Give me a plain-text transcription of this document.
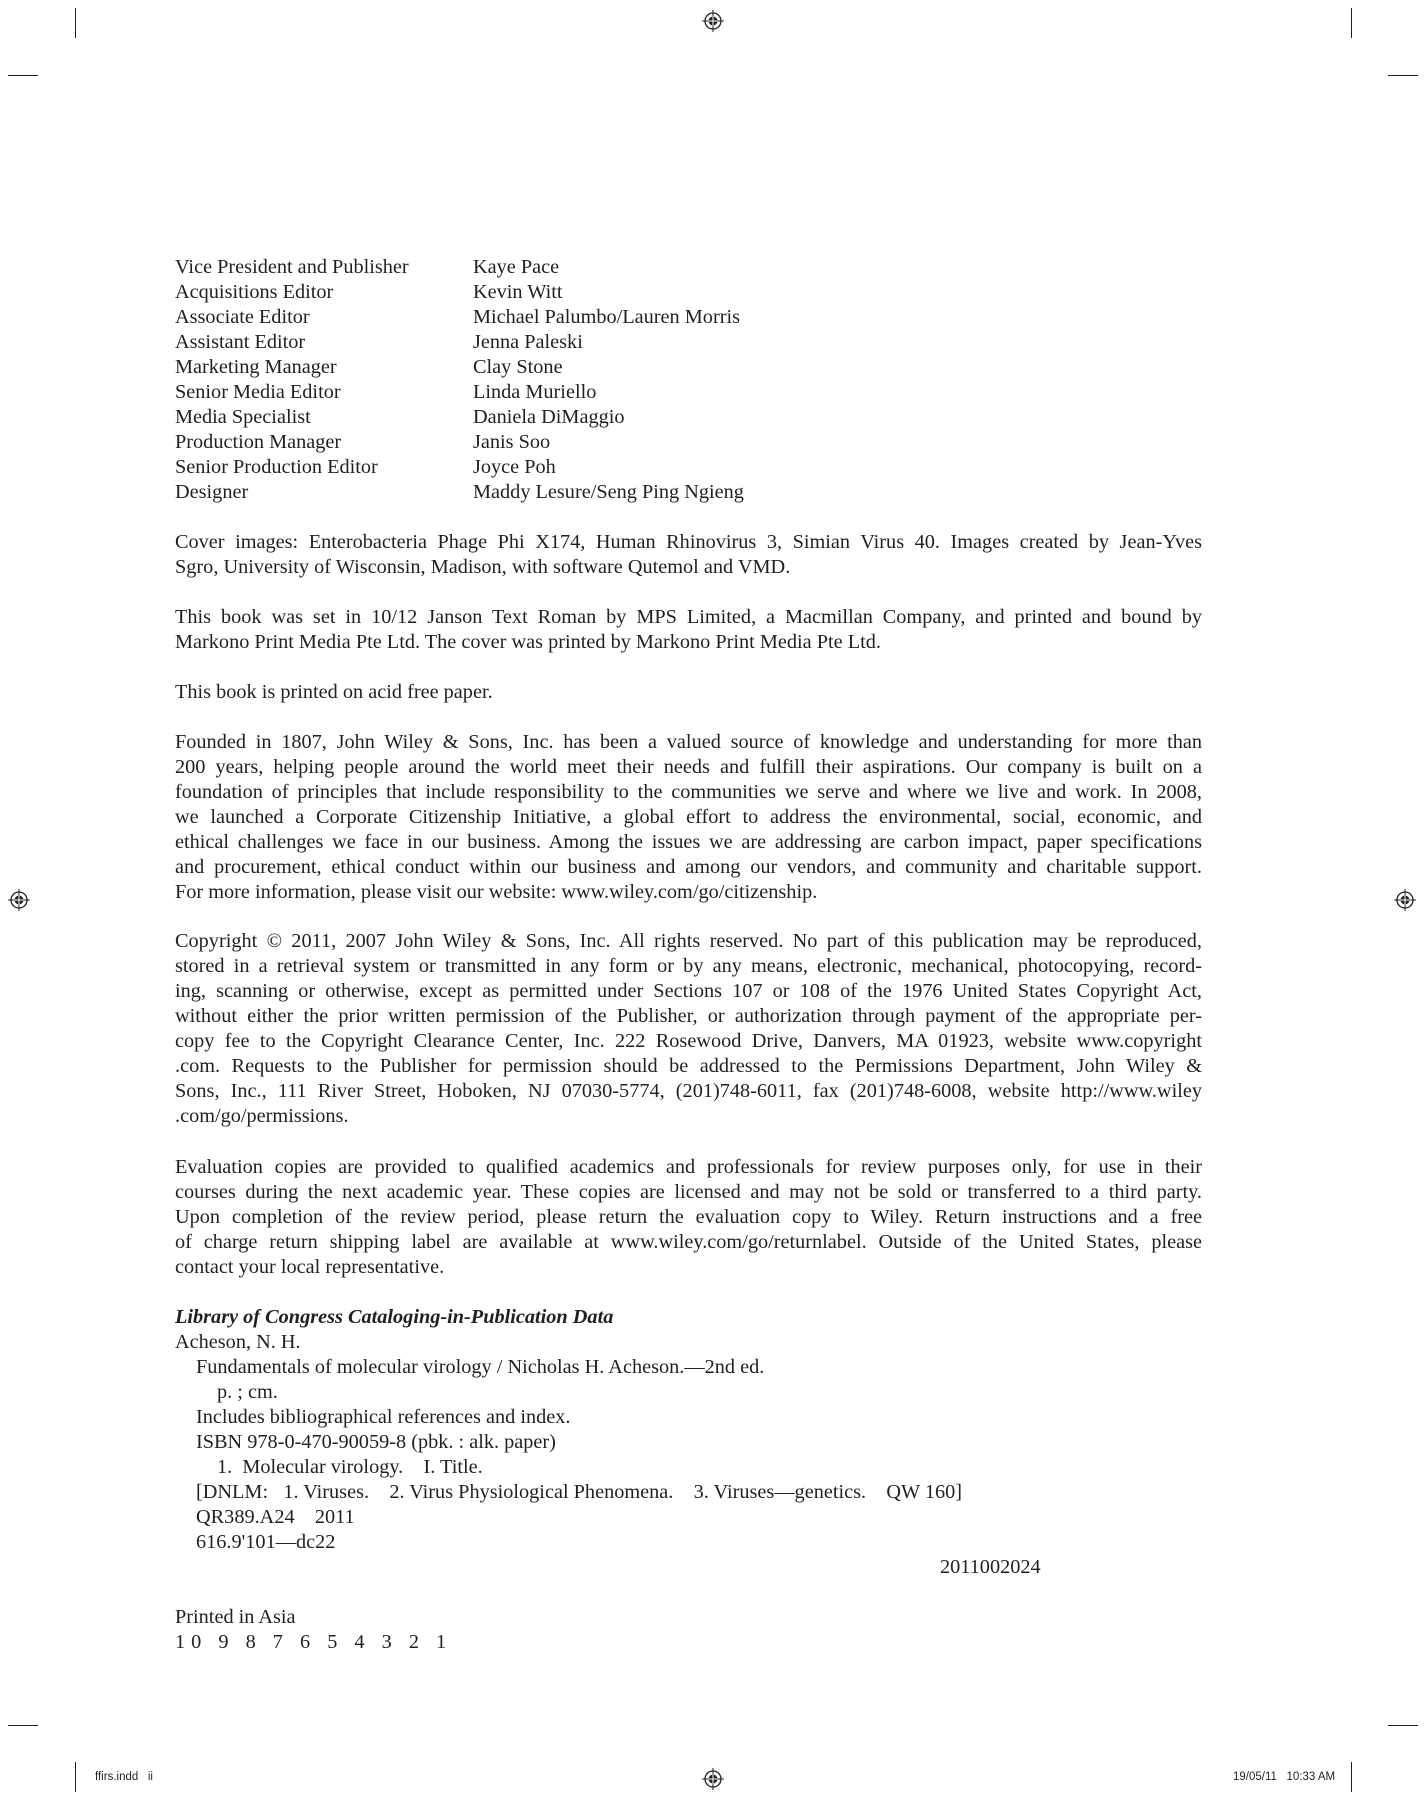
Vice President and Publisher	Kaye Pace
Acquisitions Editor	Kevin Witt
Associate Editor	Michael Palumbo/Lauren Morris
Assistant Editor	Jenna Paleski
Marketing Manager	Clay Stone
Senior Media Editor	Linda Muriello
Media Specialist	Daniela DiMaggio
Production Manager	Janis Soo
Senior Production Editor	Joyce Poh
Designer	Maddy Lesure/Seng Ping Ngieng
Cover images: Enterobacteria Phage Phi X174, Human Rhinovirus 3, Simian Virus 40. Images created by Jean-Yves
Sgro, University of Wisconsin, Madison, with software Qutemol and VMD.
This book was set in 10/12 Janson Text Roman by MPS Limited, a Macmillan Company, and printed and bound by
Markono Print Media Pte Ltd. The cover was printed by Markono Print Media Pte Ltd.
This book is printed on acid free paper.
Founded in 1807, John Wiley & Sons, Inc. has been a valued source of knowledge and understanding for more than
200 years, helping people around the world meet their needs and fulfill their aspirations. Our company is built on a
foundation of principles that include responsibility to the communities we serve and where we live and work. In 2008,
we launched a Corporate Citizenship Initiative, a global effort to address the environmental, social, economic, and
ethical challenges we face in our business. Among the issues we are addressing are carbon impact, paper specifications
and procurement, ethical conduct within our business and among our vendors, and community and charitable support.
For more information, please visit our website: www.wiley.com/go/citizenship.
Copyright © 2011, 2007 John Wiley & Sons, Inc. All rights reserved. No part of this publication may be reproduced,
stored in a retrieval system or transmitted in any form or by any means, electronic, mechanical, photocopying, record-
ing, scanning or otherwise, except as permitted under Sections 107 or 108 of the 1976 United States Copyright Act,
without either the prior written permission of the Publisher, or authorization through payment of the appropriate per-
copy fee to the Copyright Clearance Center, Inc. 222 Rosewood Drive, Danvers, MA 01923, website www.copyright
.com. Requests to the Publisher for permission should be addressed to the Permissions Department, John Wiley &
Sons, Inc., 111 River Street, Hoboken, NJ 07030-5774, (201)748-6011, fax (201)748-6008, website http://www.wiley
.com/go/permissions.
Evaluation copies are provided to qualified academics and professionals for review purposes only, for use in their
courses during the next academic year. These copies are licensed and may not be sold or transferred to a third party.
Upon completion of the review period, please return the evaluation copy to Wiley. Return instructions and a free
of charge return shipping label are available at www.wiley.com/go/returnlabel. Outside of the United States, please
contact your local representative.
Library of Congress Cataloging-in-Publication Data
Acheson, N. H.
Fundamentals of molecular virology / Nicholas H. Acheson.—2nd ed.
p. ; cm.
Includes bibliographical references and index.
ISBN 978-0-470-90059-8 (pbk. : alk. paper)
1.  Molecular virology.    I. Title.
[DNLM:   1. Viruses.    2. Virus Physiological Phenomena.    3. Viruses—genetics.    QW 160]
QR389.A24    2011
616.9'101—dc22
2011002024
Printed in Asia
10 9 8 7 6 5 4 3 2 1
ffirs.indd   ii	19/05/11   10:33 AM
